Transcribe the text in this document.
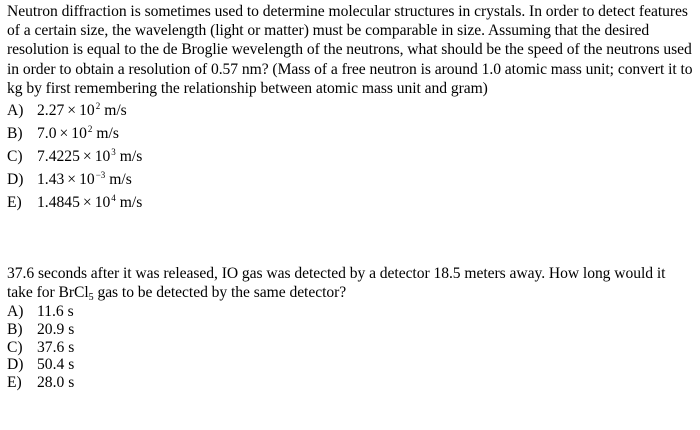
Neutron diffraction is sometimes used to determine molecular structures in crystals. In order to detect features of a certain size, the wavelength (light or matter) must be comparable in size. Assuming that the desired resolution is equal to the de Broglie wevelength of the neutrons, what should be the speed of the neutrons used in order to obtain a resolution of 0.57 nm? (Mass of a free neutron is around 1.0 atomic mass unit; convert it to kg by first remembering the relationship between atomic mass unit and gram)

A) $2.27 \times 10^2$ m/s
B) $7.0 \times 10^2$ m/s
C) $7.4225 \times 10^3$ m/s
D) $1.43 \times 10^{-3}$ m/s
E) $1.4845 \times 10^4$ m/s

37.6 seconds after it was released, IO gas was detected by a detector 18.5 meters away. How long would it take for BrCl$_5$ gas to be detected by the same detector?

A) 11.6 s
B) 20.9 s
C) 37.6 s
D) 50.4 s
E) 28.0 s
